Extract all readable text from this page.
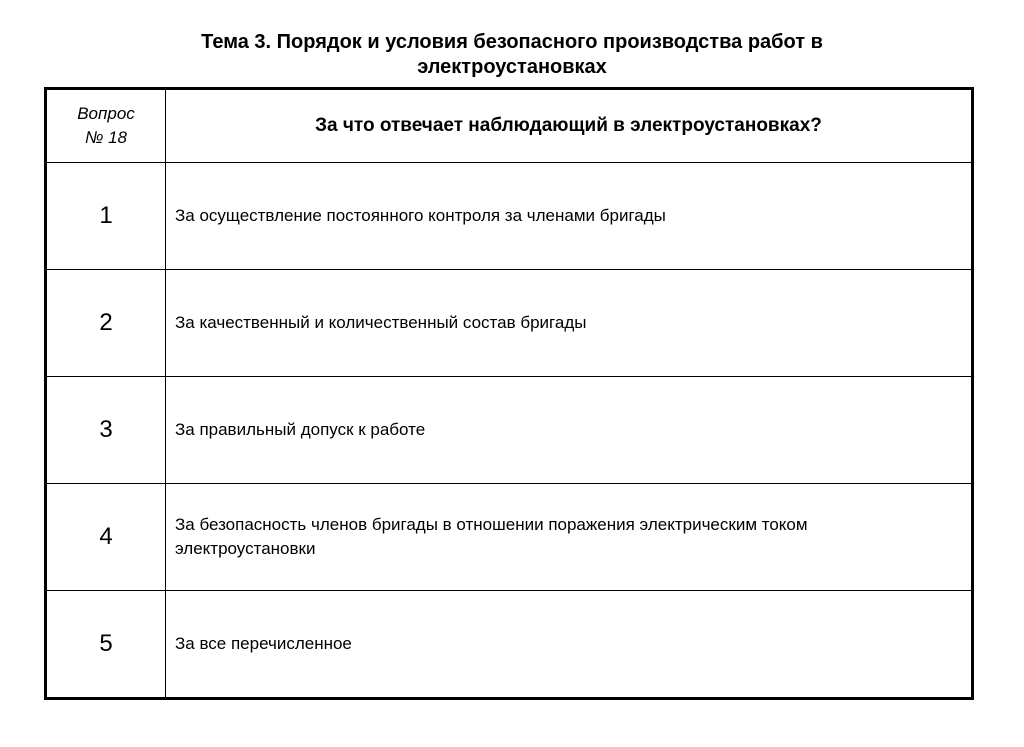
Тема 3. Порядок и условия безопасного производства работ в
электроустановках
Вопрос
№ 18	За что отвечает наблюдающий в электроустановках?
1	За осуществление постоянного контроля за членами бригады
2	За качественный и количественный состав бригады
3	За правильный допуск к работе
4	За безопасность членов бригады в отношении поражения электрическим током электроустановки
5	За все перечисленное
